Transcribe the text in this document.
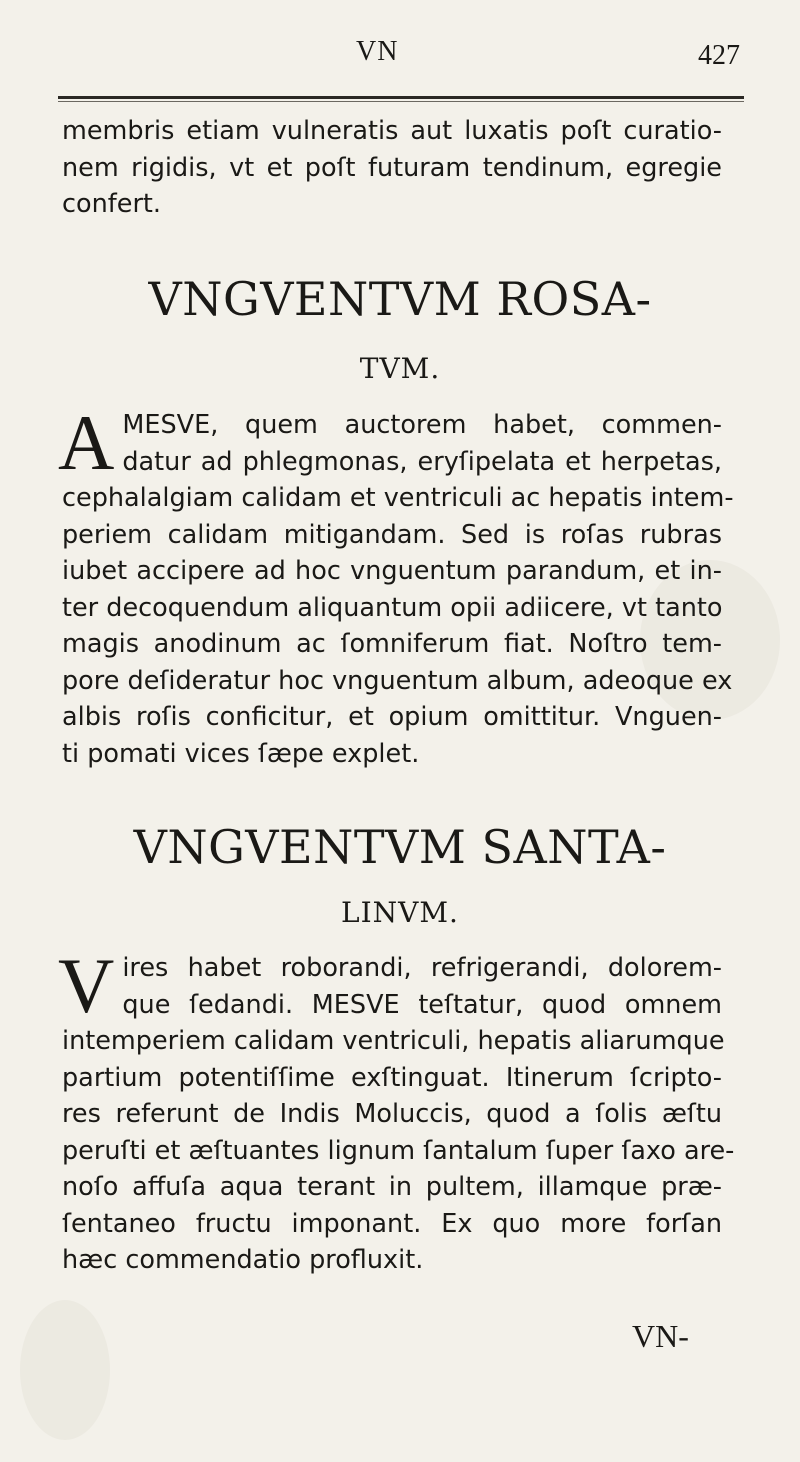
VN	427
membris etiam vulneratis aut luxatis poſt curatio-
nem rigidis, vt et poſt futuram tendinum, egregie
confert.
VNGVENTVM ROSA-
TVM.
A MESVE, quem auctorem habet, commen-
datur ad phlegmonas, eryſipelata et herpetas,
cephalalgiam calidam et ventriculi ac hepatis intem-
periem calidam mitigandam. Sed is roſas rubras
iubet accipere ad hoc vnguentum parandum, et in-
ter decoquendum aliquantum opii adiicere, vt tanto
magis anodinum ac ſomniferum fiat. Noſtro tem-
pore deſideratur hoc vnguentum album, adeoque ex
albis roſis conficitur, et opium omittitur. Vnguen-
ti pomati vices ſæpe explet.
VNGVENTVM SANTA-
LINVM.
V ires habet roborandi, refrigerandi, dolorem-
que ſedandi. MESVE teſtatur, quod omnem
intemperiem calidam ventriculi, hepatis aliarumque
partium potentiſſime exſtinguat. Itinerum ſcripto-
res referunt de Indis Moluccis, quod a ſolis æſtu
peruſti et æſtuantes lignum ſantalum ſuper ſaxo are-
noſo affuſa aqua terant in pultem, illamque præ-
ſentaneo fructu imponant. Ex quo more forſan
hæc commendatio profluxit.
VN-
